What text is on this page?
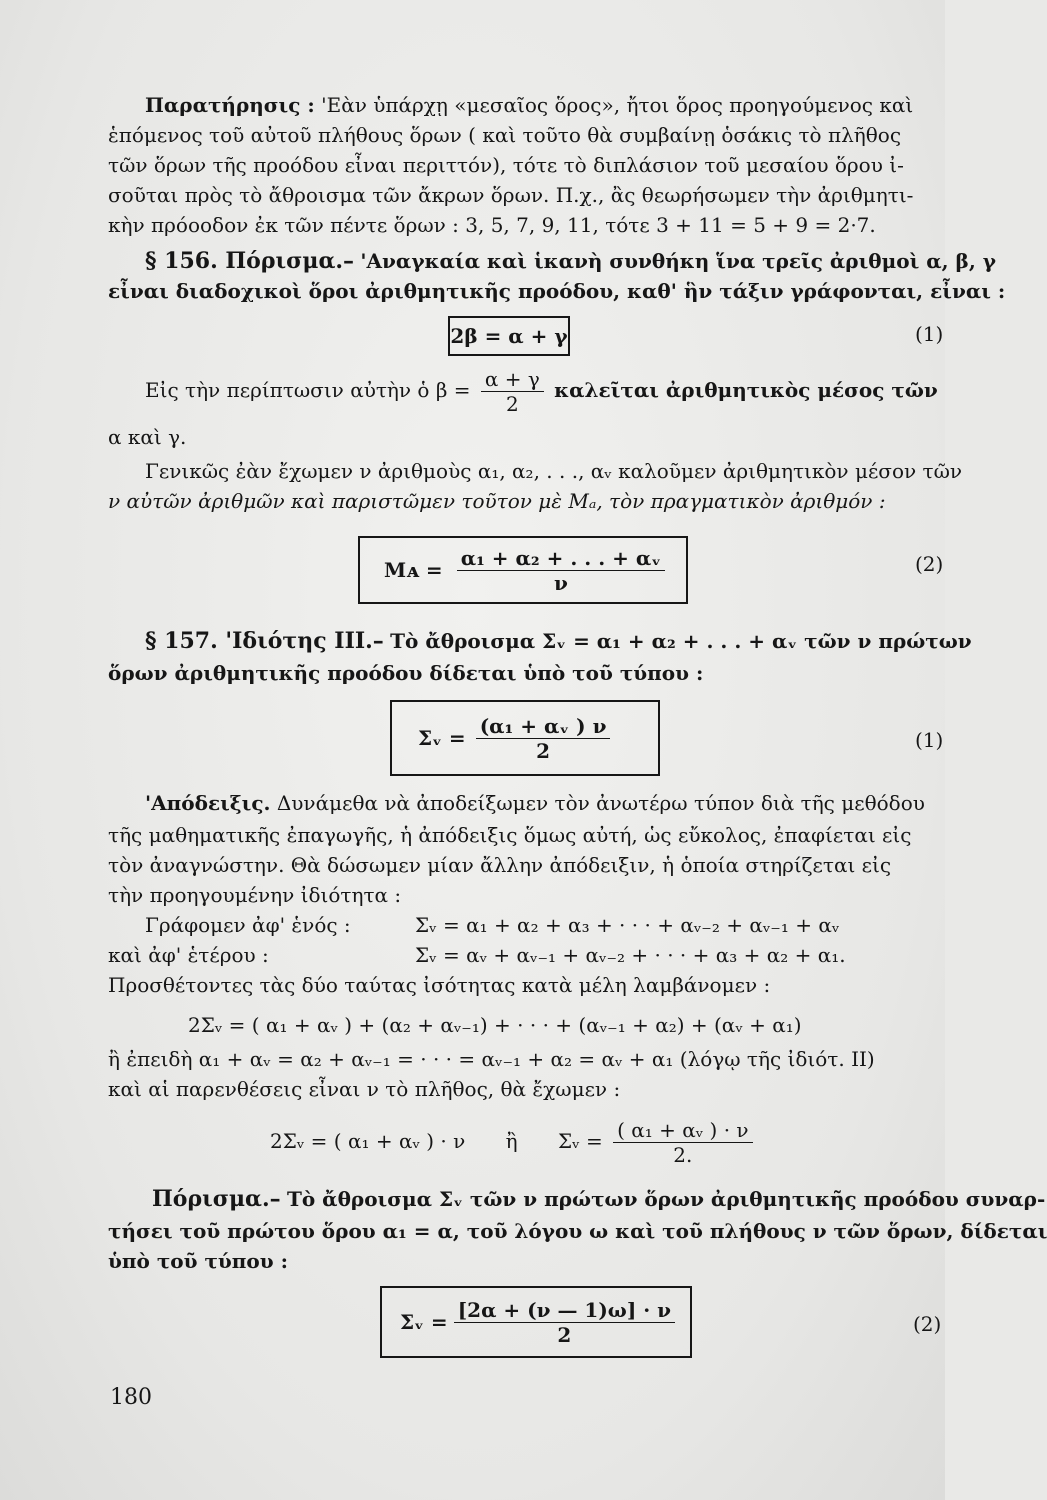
Παρατήρησις : 'Εὰν ὑπάρχῃ «μεσαῖος ὅρος», ἤτοι ὅρος προηγούμενος καὶ
ἑπόμενος τοῦ αὐτοῦ πλήθους ὅρων ( καὶ τοῦτο θὰ συμβαίνῃ ὁσάκις τὸ πλῆθος
τῶν ὅρων τῆς προόδου εἶναι περιττόν), τότε τὸ διπλάσιον τοῦ μεσαίου ὅρου ἰ-
σοῦται πρὸς τὸ ἄθροισμα τῶν ἄκρων ὅρων. Π.χ., ἂς θεωρήσωμεν τὴν ἀριθμητι-
κὴν πρόοοδον ἐκ τῶν πέντε ὅρων : 3, 5, 7, 9, 11, τότε 3 + 11 = 5 + 9 = 2·7.
§ 156. Πόρισμα.– 'Αναγκαία καὶ ἱκανὴ συνθήκη ἵνα τρεῖς ἀριθμοὶ α, β, γ
εἶναι διαδοχικοὶ ὅροι ἀριθμητικῆς προόδου, καθ' ἣν τάξιν γράφονται, εἶναι :
2β = α + γ	(1)
Εἰς τὴν περίπτωσιν αὐτὴν ὁ $\beta = \frac{\alpha + \gamma}{2}$ καλεῖται ἀριθμητικὸς μέσος τῶν
α καὶ γ.
Γενικῶς ἐὰν ἔχωμεν ν ἀριθμοὺς α₁, α₂, . . ., αᵥ καλοῦμεν ἀριθμητικὸν μέσον τῶν
ν αὐτῶν ἀριθμῶν καὶ παριστῶμεν τοῦτον μὲ Mₐ, τὸν πραγματικὸν ἀριθμόν :
Mᴀ = $\frac{\text{α₁ + α₂ + . . . + αᵥ}}{\nu}$	(2)
§ 157. 'Ιδιότης ΙΙΙ.– Τὸ ἄθροισμα Σᵥ = α₁ + α₂ + . . . + αᵥ τῶν ν πρώτων
ὅρων ἀριθμητικῆς προόδου δίδεται ὑπὸ τοῦ τύπου :
Σᵥ = $\frac{\text{(α₁ + αᵥ ) ν}}{2}$	(1)
'Απόδειξις. Δυνάμεθα νὰ ἀποδείξωμεν τὸν ἀνωτέρω τύπον διὰ τῆς μεθόδου
τῆς μαθηματικῆς ἐπαγωγῆς, ἡ ἀπόδειξις ὅμως αὐτή, ὡς εὔκολος, ἐπαφίεται εἰς
τὸν ἀναγνώστην. Θὰ δώσωμεν μίαν ἄλλην ἀπόδειξιν, ἡ ὁποία στηρίζεται εἰς
τὴν προηγουμένην ἰδιότητα :
Γράφομεν ἀφ' ἑνός :	Σᵥ = α₁ + α₂ + α₃ + · · · + αᵥ₋₂ + αᵥ₋₁ + αᵥ
καὶ ἀφ' ἑτέρου :	Σᵥ = αᵥ + αᵥ₋₁ + αᵥ₋₂ + · · · + α₃ + α₂ + α₁.
Προσθέτοντες τὰς δύο ταύτας ἰσότητας κατὰ μέλη λαμβάνομεν :
2Σᵥ = ( α₁ + αᵥ ) + (α₂ + αᵥ₋₁) + · · · + (αᵥ₋₁ + α₂) + (αᵥ + α₁)
ἢ ἐπειδὴ α₁ + αᵥ = α₂ + αᵥ₋₁ = · · · = αᵥ₋₁ + α₂ = αᵥ + α₁ (λόγῳ τῆς ἰδιότ. ΙΙ)
καὶ αἱ παρενθέσεις εἶναι ν τὸ πλῆθος, θὰ ἔχωμεν :
2Σᵥ = ( α₁ + αᵥ ) · ν ἢ Σᵥ = $\frac{\text{( α₁ + αᵥ ) · ν}}{2.}$
Πόρισμα.– Τὸ ἄθροισμα Σᵥ τῶν ν πρώτων ὅρων ἀριθμητικῆς προόδου συναρ-
τήσει τοῦ πρώτου ὅρου α₁ = α, τοῦ λόγου ω καὶ τοῦ πλήθους ν τῶν ὅρων, δίδεται
ὑπὸ τοῦ τύπου :
Σᵥ = $\frac{[2\alpha + (\nu — 1)\omega] \cdot \nu}{2}$	(2)
180
